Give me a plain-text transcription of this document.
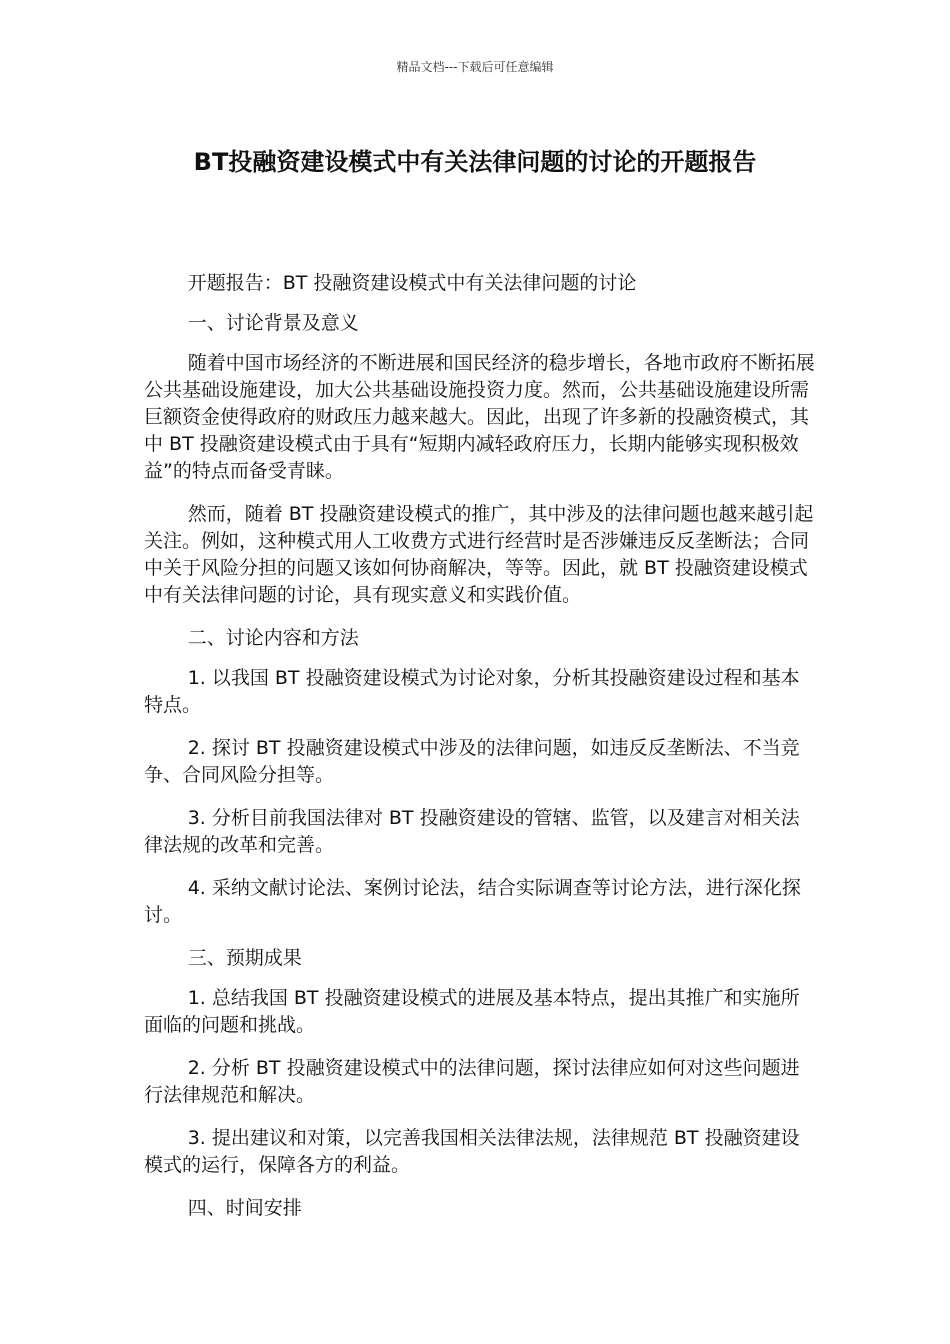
精品文档---下载后可任意编辑
BT投融资建设模式中有关法律问题的讨论的开题报告

开题报告：BT 投融资建设模式中有关法律问题的讨论

一、讨论背景及意义

随着中国市场经济的不断进展和国民经济的稳步增长，各地市政府不断拓展公共基础设施建设，加大公共基础设施投资力度。然而，公共基础设施建设所需巨额资金使得政府的财政压力越来越大。因此，出现了许多新的投融资模式，其中 BT 投融资建设模式由于具有“短期内减轻政府压力，长期内能够实现积极效益”的特点而备受青睐。

然而，随着 BT 投融资建设模式的推广，其中涉及的法律问题也越来越引起关注。例如，这种模式用人工收费方式进行经营时是否涉嫌违反反垄断法；合同中关于风险分担的问题又该如何协商解决，等等。因此，就 BT 投融资建设模式中有关法律问题的讨论，具有现实意义和实践价值。

二、讨论内容和方法

1. 以我国 BT 投融资建设模式为讨论对象，分析其投融资建设过程和基本特点。

2. 探讨 BT 投融资建设模式中涉及的法律问题，如违反反垄断法、不当竞争、合同风险分担等。

3. 分析目前我国法律对 BT 投融资建设的管辖、监管，以及建言对相关法律法规的改革和完善。

4. 采纳文献讨论法、案例讨论法，结合实际调查等讨论方法，进行深化探讨。

三、预期成果

1. 总结我国 BT 投融资建设模式的进展及基本特点，提出其推广和实施所面临的问题和挑战。

2. 分析 BT 投融资建设模式中的法律问题，探讨法律应如何对这些问题进行法律规范和解决。

3. 提出建议和对策，以完善我国相关法律法规，法律规范 BT 投融资建设模式的运行，保障各方的利益。

四、时间安排
